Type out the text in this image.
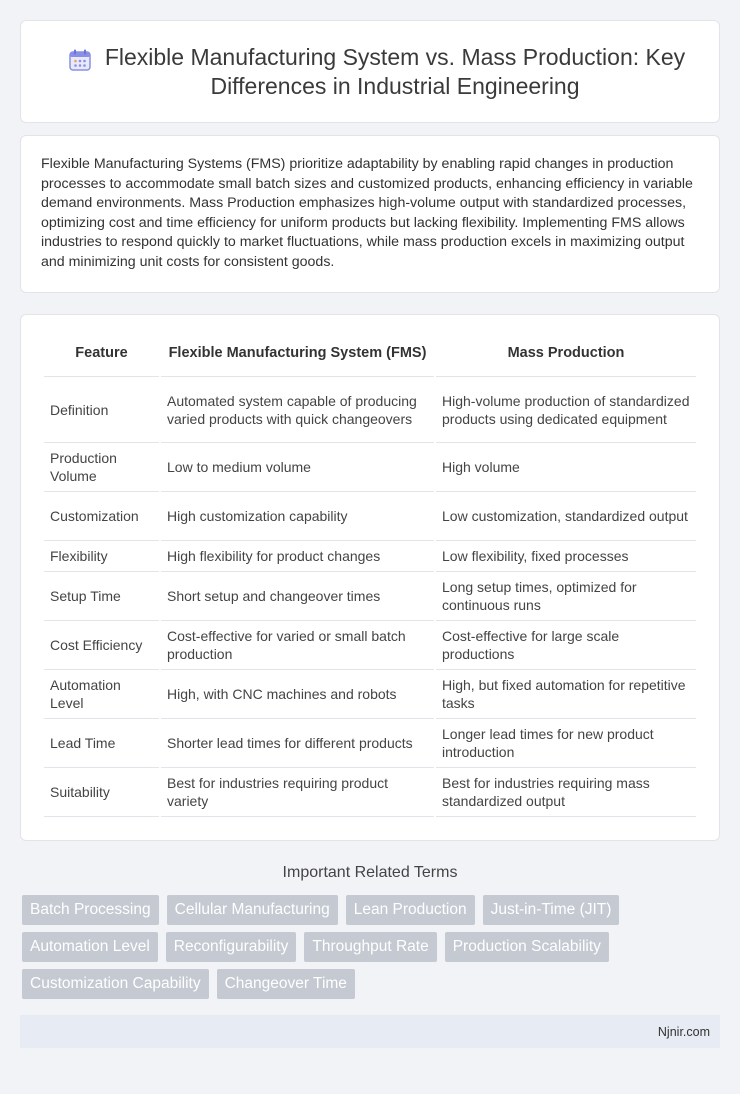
Flexible Manufacturing System vs. Mass Production: Key Differences in Industrial Engineering

Flexible Manufacturing Systems (FMS) prioritize adaptability by enabling rapid changes in production processes to accommodate small batch sizes and customized products, enhancing efficiency in variable demand environments. Mass Production emphasizes high-volume output with standardized processes, optimizing cost and time efficiency for uniform products but lacking flexibility. Implementing FMS allows industries to respond quickly to market fluctuations, while mass production excels in maximizing output and minimizing unit costs for consistent goods.

Feature	Flexible Manufacturing System (FMS)	Mass Production
Definition	Automated system capable of producing varied products with quick changeovers	High-volume production of standardized products using dedicated equipment
Production Volume	Low to medium volume	High volume
Customization	High customization capability	Low customization, standardized output
Flexibility	High flexibility for product changes	Low flexibility, fixed processes
Setup Time	Short setup and changeover times	Long setup times, optimized for continuous runs
Cost Efficiency	Cost-effective for varied or small batch production	Cost-effective for large scale productions
Automation Level	High, with CNC machines and robots	High, but fixed automation for repetitive tasks
Lead Time	Shorter lead times for different products	Longer lead times for new product introduction
Suitability	Best for industries requiring product variety	Best for industries requiring mass standardized output
Important Related Terms
Batch Processing	Cellular Manufacturing	Lean Production	Just-in-Time (JIT)
Automation Level	Reconfigurability	Throughput Rate	Production Scalability
Customization Capability	Changeover Time
Njnir.com
